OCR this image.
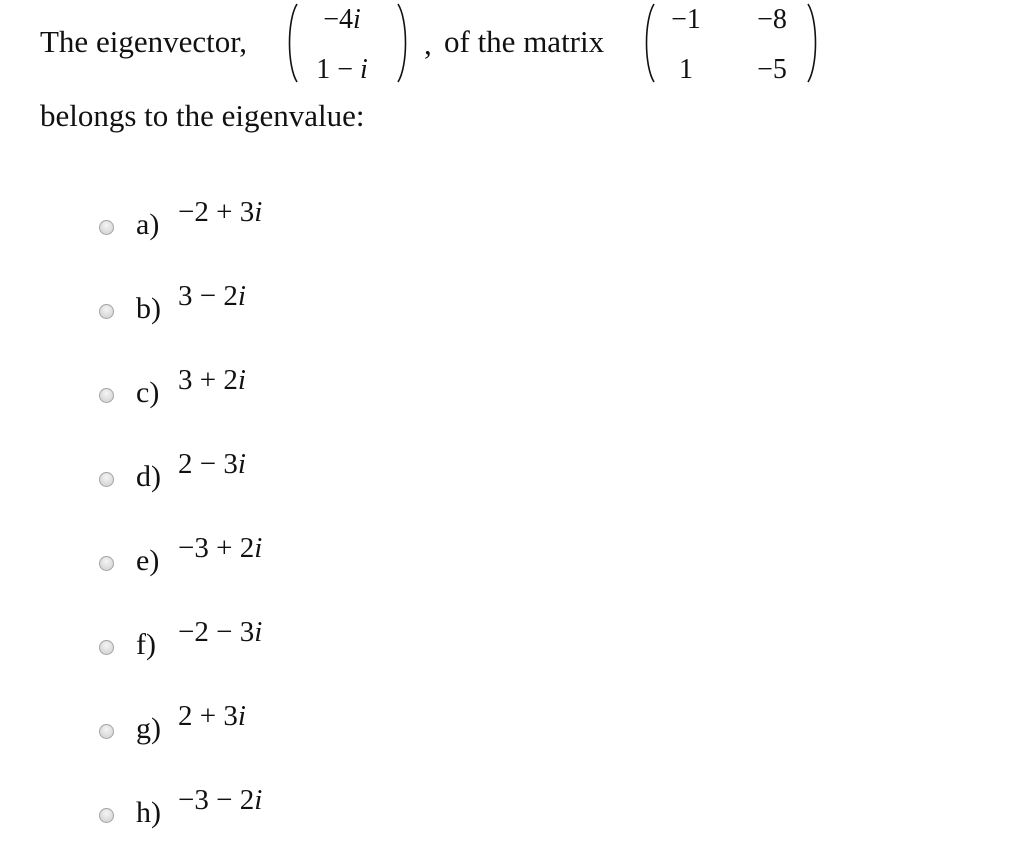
The eigenvector,
−4i
1 − i
, of the matrix
−1	−8
1	−5
belongs to the eigenvalue:
a) −2 + 3i
b) 3 − 2i
c) 3 + 2i
d) 2 − 3i
e) −3 + 2i
f) −2 − 3i
g) 2 + 3i
h) −3 − 2i
